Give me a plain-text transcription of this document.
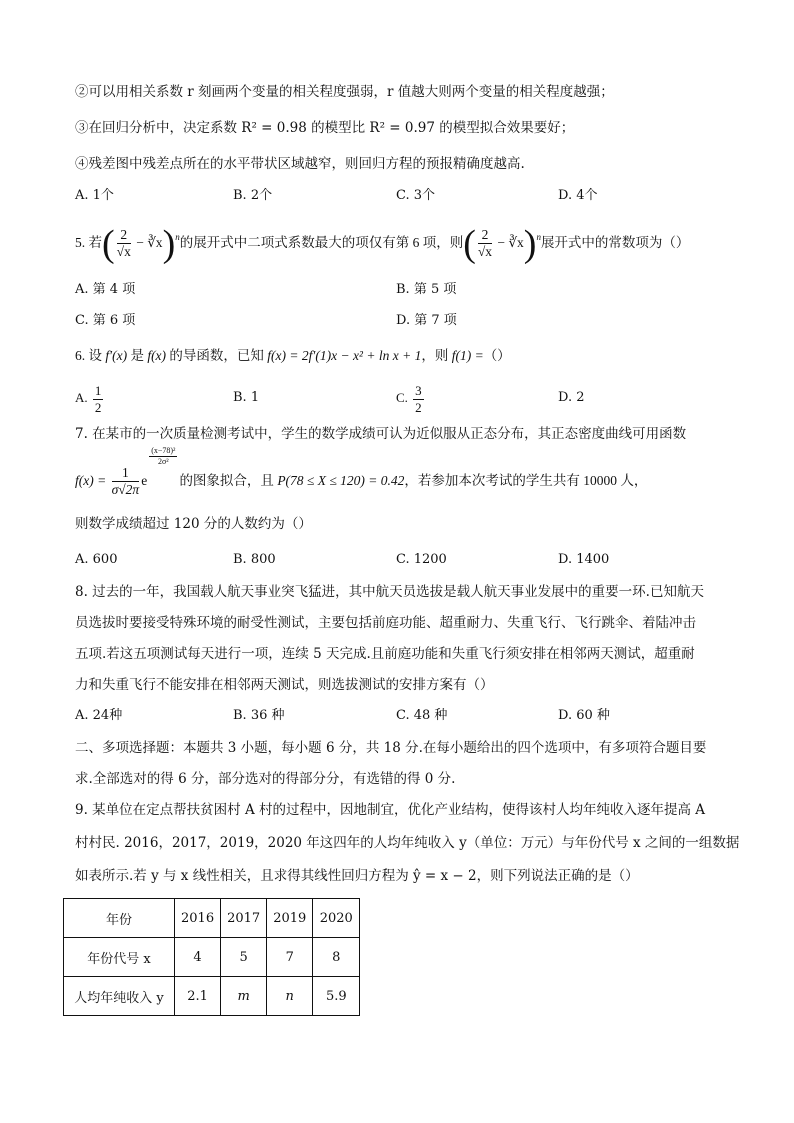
②可以用相关系数 r 刻画两个变量的相关程度强弱，r 值越大则两个变量的相关程度越强；
③在回归分析中，决定系数 R² = 0.98 的模型比 R² = 0.97 的模型拟合效果要好；
④残差图中残差点所在的水平带状区域越窄，则回归方程的预报精确度越高.
A. 1个	B. 2个	C. 3个	D. 4个
5. 若( $\frac{2}{√x}$ − ∛x)$^n$的展开式中二项式系数最大的项仅有第 6 项，则( $\frac{2}{√x}$ − ∛x)$^n$展开式中的常数项为（）
A. 第 4 项	B. 第 5 项
C. 第 6 项	D. 第 7 项
6. 设 f′(x) 是 f(x) 的导函数，已知 f(x) = 2f′(1)x − x² + ln x + 1，则 f(1) =（）
A. $\frac{1}{2}$	B. 1	C. $\frac{3}{2}$	D. 2
7. 在某市的一次质量检测考试中，学生的数学成绩可认为近似服从正态分布，其正态密度曲线可用函数
$f(x) = \frac{1}{\sigma√2\pi}$ e
$\frac{\text{(x−78)²}}{\text{2σ²}}$
的图象拟合，且 P(78 ≤ X ≤ 120) = 0.42，若参加本次考试的学生共有 10000 人，
则数学成绩超过 120 分的人数约为（）
A. 600	B. 800	C. 1200	D. 1400
8. 过去的一年，我国载人航天事业突飞猛进，其中航天员选拔是载人航天事业发展中的重要一环.已知航天
员选拔时要接受特殊环境的耐受性测试，主要包括前庭功能、超重耐力、失重飞行、飞行跳伞、着陆冲击
五项.若这五项测试每天进行一项，连续 5 天完成.且前庭功能和失重飞行须安排在相邻两天测试，超重耐
力和失重飞行不能安排在相邻两天测试，则选拔测试的安排方案有（）
A. 24种	B. 36 种	C. 48 种	D. 60 种
二、多项选择题：本题共 3 小题，每小题 6 分，共 18 分.在每小题给出的四个选项中，有多项符合题目要
求.全部选对的得 6 分，部分选对的得部分分，有选错的得 0 分.
9. 某单位在定点帮扶贫困村 A 村的过程中，因地制宜，优化产业结构，使得该村人均年纯收入逐年提高 A
村村民. 2016，2017，2019，2020 年这四年的人均年纯收入 y（单位：万元）与年份代号 x 之间的一组数据
如表所示.若 y 与 x 线性相关，且求得其线性回归方程为 ŷ = x − 2，则下列说法正确的是（）
年份	2016	2017	2019	2020
年份代号 x	4	5	7	8
人均年纯收入 y	2.1	m	n	5.9
